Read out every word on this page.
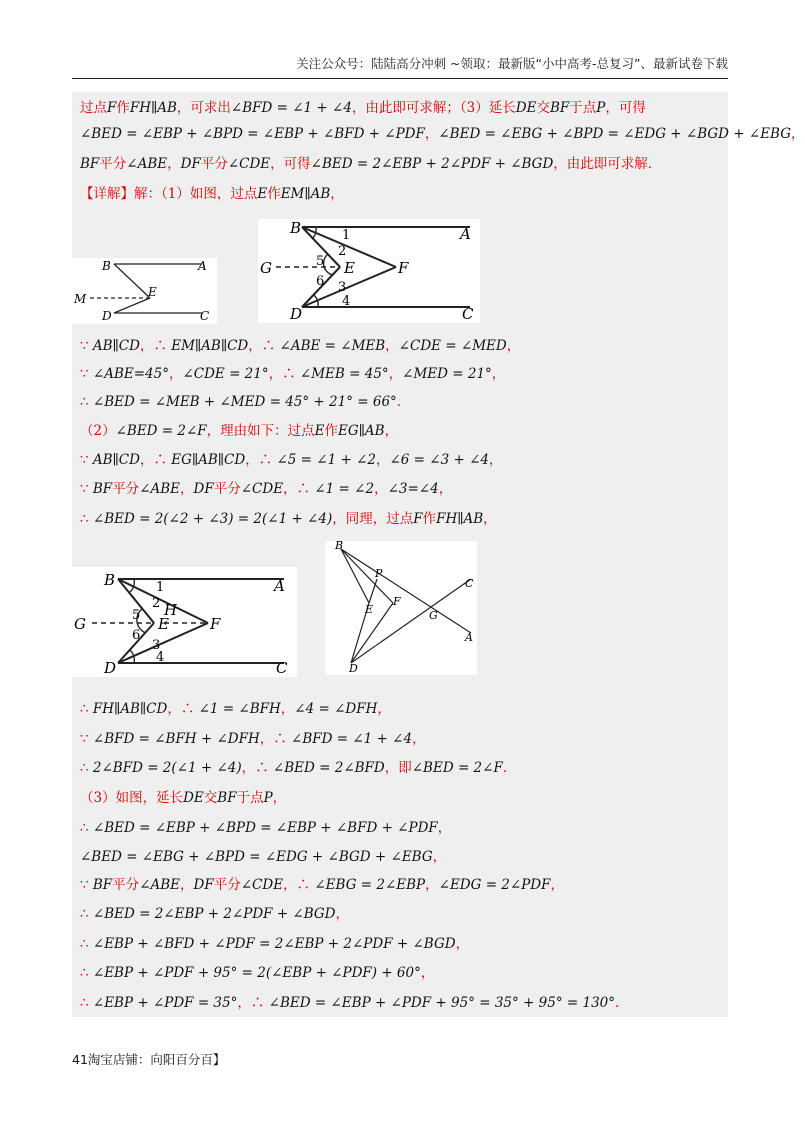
关注公众号：陆陆高分冲刺 ~领取：最新版“小中高考-总复习”、最新试卷下载
过点F作FH∥AB，可求出∠BFD = ∠1 + ∠4，由此即可求解；（3）延长DE交BF于点P，可得
∠BED = ∠EBP + ∠BPD = ∠EBP + ∠BFD + ∠PDF，∠BED = ∠EBG + ∠BPD = ∠EDG + ∠BGD + ∠EBG，
BF平分∠ABE，DF平分∠CDE，可得∠BED = 2∠EBP + 2∠PDF + ∠BGD，由此即可求解．
【详解】解：（1）如图，过点E作EM∥AB，
∵ AB∥CD，∴ EM∥AB∥CD，∴ ∠ABE = ∠MEB，∠CDE = ∠MED，
∵ ∠ABE=45°，∠CDE = 21°，∴ ∠MEB = 45°，∠MED = 21°，
∴ ∠BED = ∠MEB + ∠MED = 45° + 21° = 66°．
（2）∠BED = 2∠F，理由如下：过点E作EG∥AB，
∵ AB∥CD，∴ EG∥AB∥CD，∴ ∠5 = ∠1 + ∠2，∠6 = ∠3 + ∠4，
∵ BF平分∠ABE，DF平分∠CDE，∴ ∠1 = ∠2，∠3=∠4，
∴ ∠BED = 2(∠2 + ∠3) = 2(∠1 + ∠4)，同理，过点F作FH∥AB，
∴ FH∥AB∥CD，∴ ∠1 = ∠BFH，∠4 = ∠DFH，
∵ ∠BFD = ∠BFH + ∠DFH，∴ ∠BFD = ∠1 + ∠4，
∴ 2∠BFD = 2(∠1 + ∠4)，∴ ∠BED = 2∠BFD，即∠BED = 2∠F．
（3）如图，延长DE交BF于点P，
∴ ∠BED = ∠EBP + ∠BPD = ∠EBP + ∠BFD + ∠PDF，
∠BED = ∠EBG + ∠BPD = ∠EDG + ∠BGD + ∠EBG，
∵ BF平分∠ABE，DF平分∠CDE，∴ ∠EBG = 2∠EBP，∠EDG = 2∠PDF，
∴ ∠BED = 2∠EBP + 2∠PDF + ∠BGD，
∴ ∠EBP + ∠BFD + ∠PDF = 2∠EBP + 2∠PDF + ∠BGD，
∴ ∠EBP + ∠PDF + 95° = 2(∠EBP + ∠PDF) + 60°，
∴ ∠EBP + ∠PDF = 35°，∴ ∠BED = ∠EBP + ∠PDF + 95° = 35° + 95° = 130°．
B	A
M	E
D	C
B	A
G	E	F
D	C
1
2
3
4
5
6
B	A
G	E
H
F
D	C
1
2
3
4
5
6
B
P
E
F
G
C
A
D
41淘宝店铺：向阳百分百】
